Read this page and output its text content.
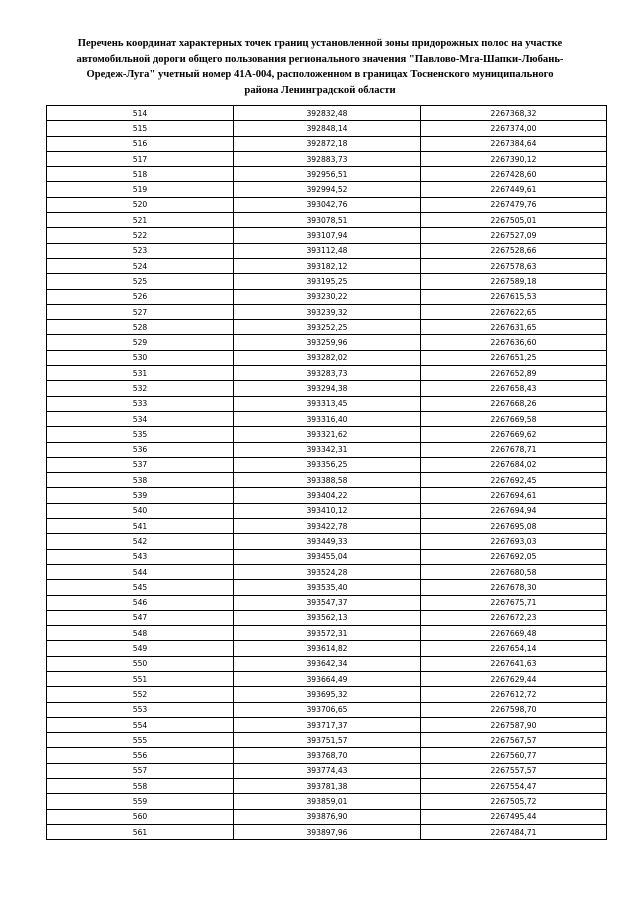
Перечень координат характерных точек границ установленной зоны придорожных полос на участке
автомобильной дороги общего пользования регионального значения "Павлово-Мга-Шапки-Любань-
Оредеж-Луга" учетный номер 41А-004, расположенном в границах Тосненского муниципального
района Ленинградской области
514	392832,48	2267368,32
515	392848,14	2267374,00
516	392872,18	2267384,64
517	392883,73	2267390,12
518	392956,51	2267428,60
519	392994,52	2267449,61
520	393042,76	2267479,76
521	393078,51	2267505,01
522	393107,94	2267527,09
523	393112,48	2267528,66
524	393182,12	2267578,63
525	393195,25	2267589,18
526	393230,22	2267615,53
527	393239,32	2267622,65
528	393252,25	2267631,65
529	393259,96	2267636,60
530	393282,02	2267651,25
531	393283,73	2267652,89
532	393294,38	2267658,43
533	393313,45	2267668,26
534	393316,40	2267669,58
535	393321,62	2267669,62
536	393342,31	2267678,71
537	393356,25	2267684,02
538	393388,58	2267692,45
539	393404,22	2267694,61
540	393410,12	2267694,94
541	393422,78	2267695,08
542	393449,33	2267693,03
543	393455,04	2267692,05
544	393524,28	2267680,58
545	393535,40	2267678,30
546	393547,37	2267675,71
547	393562,13	2267672,23
548	393572,31	2267669,48
549	393614,82	2267654,14
550	393642,34	2267641,63
551	393664,49	2267629,44
552	393695,32	2267612,72
553	393706,65	2267598,70
554	393717,37	2267587,90
555	393751,57	2267567,57
556	393768,70	2267560,77
557	393774,43	2267557,57
558	393781,38	2267554,47
559	393859,01	2267505,72
560	393876,90	2267495,44
561	393897,96	2267484,71
